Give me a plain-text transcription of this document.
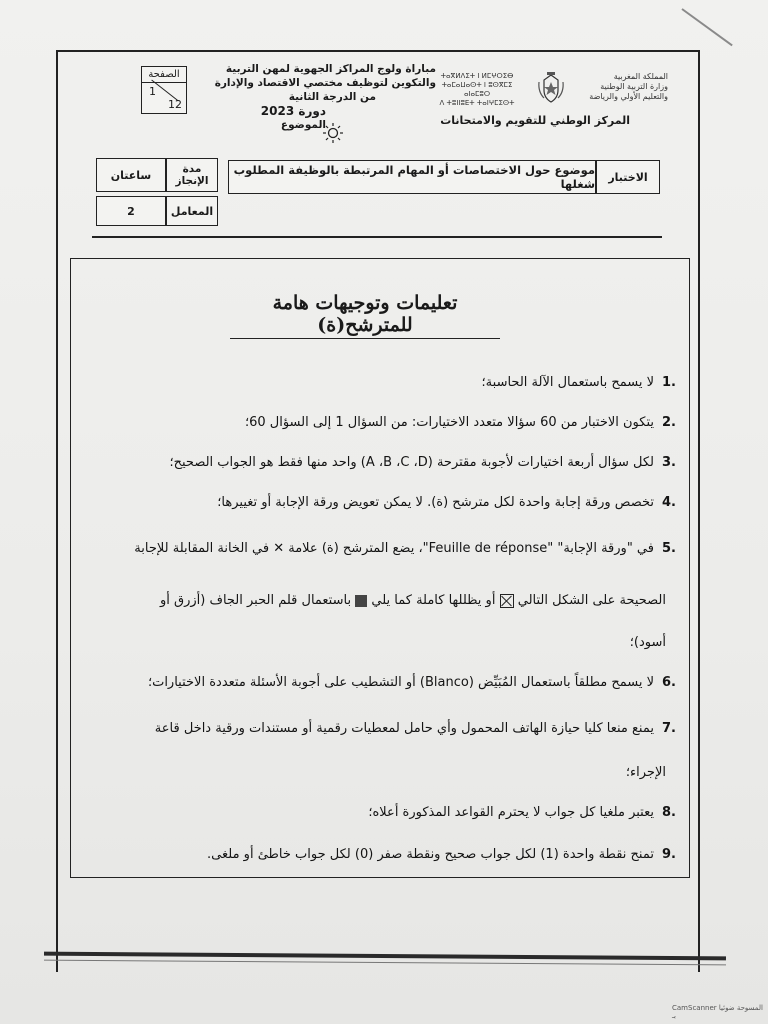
الصفحة
1
12
مباراة ولوج المراكز الجهوية لمهن التربية
والتكوين لتوظيف مختصي الاقتصاد والإدارة
من الدرجة الثانية
دورة 2023
الموضوع
ⵜⴰⴳⵍⴷⵉⵜ ⵏ ⵍⵎⵖⵔⵉⴱ
ⵜⴰⵎⴰⵡⴰⵙⵜ ⵏ ⵓⵙⴳⵎⵉ ⴰⵏⴰⵎⵓⵔ
ⴷ ⵜⵓⵏⵏⵓⴹⵜ ⵜⴰⵏⵖⵎⵉⵙⵜ
المملكة المغربية
وزارة التربية الوطنية
والتعليم الأولي والرياضة
المركز الوطني للتقويم والامتحانات
الاختبار
موضوع حول الاختصاصات أو المهام المرتبطة بالوظيفة المطلوب شغلها
مدة الإنجاز
ساعتان
المعامل
2
تعليمات وتوجيهات هامة للمترشح(ة)
لا يسمح باستعمال الآلة الحاسبة؛
يتكون الاختبار من 60 سؤالا متعدد الاختيارات: من السؤال 1 إلى السؤال 60؛
لكل سؤال أربعة اختيارات لأجوبة مقترحة (A ،B ،C ،D) واحد منها فقط هو الجواب الصحيح؛
تخصص ورقة إجابة واحدة لكل مترشح (ة). لا يمكن تعويض ورقة الإجابة أو تغييرها؛
في "ورقة الإجابة" "Feuille de réponse"، يضع المترشح (ة) علامة ✕ في الخانة المقابلة للإجابة
الصحيحة على الشكل التالي  أو يظللها كاملة كما يلي  باستعمال قلم الحبر الجاف (أزرق أو
أسود)؛
لا يسمح مطلقاً باستعمال المُبَيِّض (Blanco) أو التشطيب على أجوبة الأسئلة متعددة الاختيارات؛
يمنع منعا كليا حيازة الهاتف المحمول وأي حامل لمعطيات رقمية أو مستندات ورقية داخل قاعة
الإجراء؛
يعتبر ملغيا كل جواب لا يحترم القواعد المذكورة أعلاه؛
تمنح نقطة واحدة (1) لكل جواب صحيح ونقطة صفر (0) لكل جواب خاطئ أو ملغى.
.1
.2
.3
.4
.5
.6
.7
.8
.9
CamScanner المسوحة ضوئيا بـ
